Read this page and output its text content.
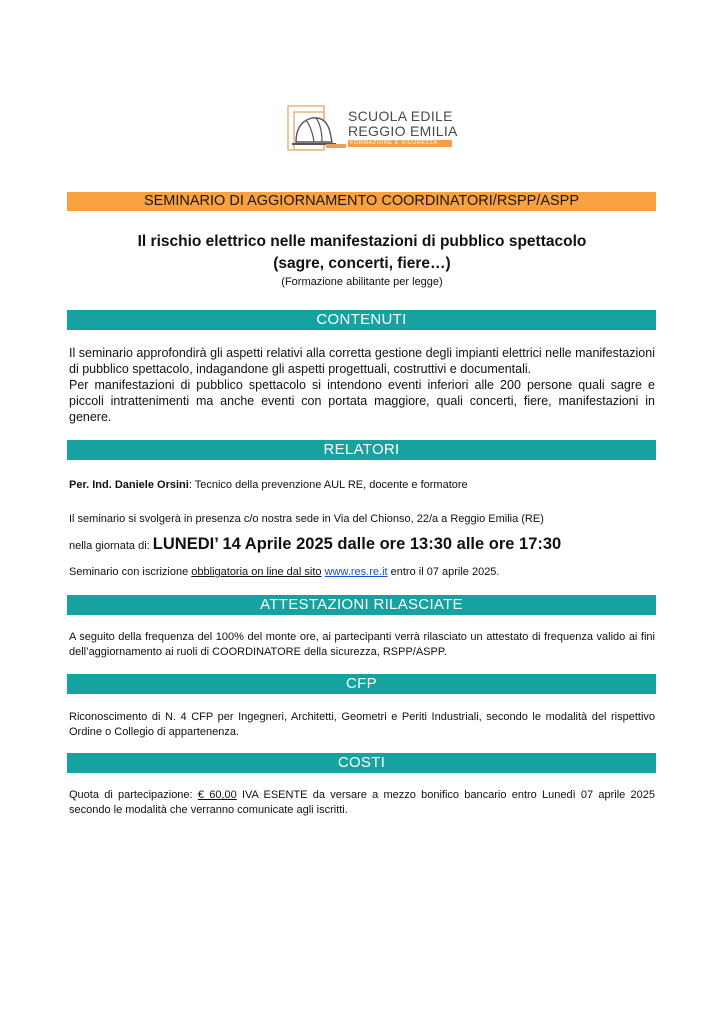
SCUOLA EDILE
REGGIO EMILIA
FORMAZIONE E SICUREZZA
SEMINARIO DI AGGIORNAMENTO COORDINATORI/RSPP/ASPP
Il rischio elettrico nelle manifestazioni di pubblico spettacolo
(sagre, concerti, fiere…)
(Formazione abilitante per legge)
CONTENUTI

Il seminario approfondirà gli aspetti relativi alla corretta gestione degli impianti elettrici nelle manifestazioni di pubblico spettacolo, indagandone gli aspetti progettuali, costruttivi e documentali.

Per manifestazioni di pubblico spettacolo si intendono eventi inferiori alle 200 persone quali sagre e piccoli intrattenimenti ma anche eventi con portata maggiore, quali concerti, fiere, manifestazioni in genere.

RELATORI
Per. Ind. Daniele Orsini: Tecnico della prevenzione AUL RE, docente e formatore
Il seminario si svolgerà in presenza c/o nostra sede in Via del Chionso, 22/a a Reggio Emilia (RE)
nella giornata di: LUNEDI’ 14 Aprile 2025 dalle ore 13:30 alle ore 17:30
Seminario con iscrizione obbligatoria on line dal sito www.res.re.it entro il 07 aprile 2025.
ATTESTAZIONI RILASCIATE
A seguito della frequenza del 100% del monte ore, ai partecipanti verrà rilasciato un attestato di frequenza valido ai fini dell’aggiornamento ai ruoli di COORDINATORE della sicurezza, RSPP/ASPP.
CFP
Riconoscimento di N. 4 CFP per Ingegneri, Architetti, Geometri e Periti Industriali, secondo le modalità del rispettivo Ordine o Collegio di appartenenza.
COSTI
Quota di partecipazione: € 60,00 IVA ESENTE da versare a mezzo bonifico bancario entro Lunedì 07 aprile 2025 secondo le modalità che verranno comunicate agli iscritti.
